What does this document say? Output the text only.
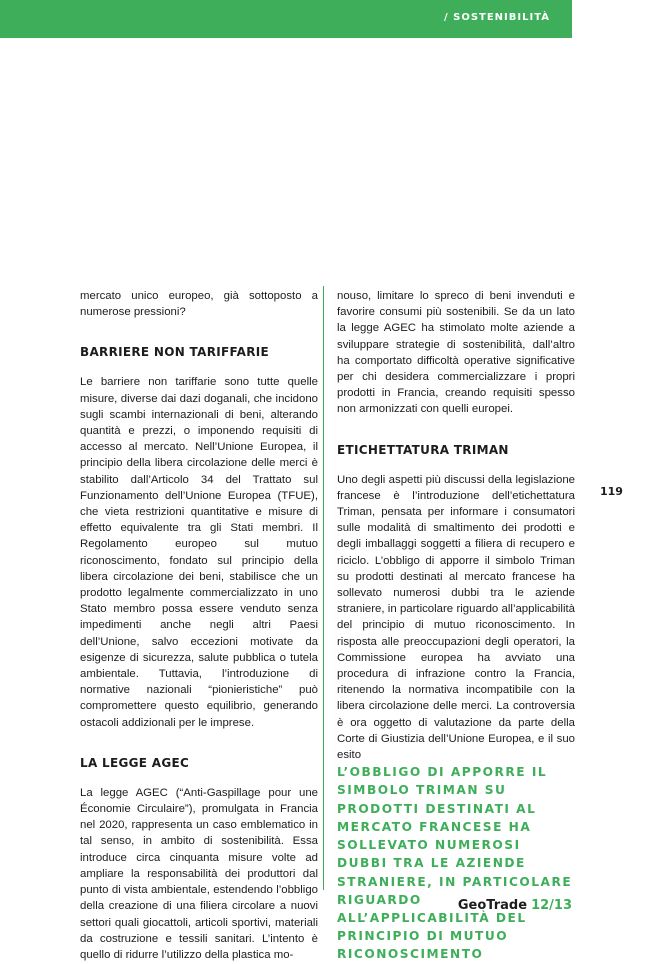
/ SOSTENIBILITÀ

mercato unico europeo, già sottoposto a numerose pressioni?

BARRIERE NON TARIFFARIE

Le barriere non tariffarie sono tutte quelle misure, diverse dai dazi doganali, che incidono sugli scambi internazionali di beni, alterando quantità e prezzi, o imponendo requisiti di accesso al mercato. Nell’Unione Europea, il principio della libera circolazione delle merci è stabilito dall’Articolo 34 del Trattato sul Funzionamento dell’Unione Europea (TFUE), che vieta restrizioni quantitative e misure di effetto equivalente tra gli Stati membri. Il Regolamento europeo sul mutuo riconoscimento, fondato sul principio della libera circolazione dei beni, stabilisce che un prodotto legalmente commercializzato in uno Stato membro possa essere venduto senza impedimenti anche negli altri Paesi dell’Unione, salvo eccezioni motivate da esigenze di sicurezza, salute pubblica o tutela ambientale. Tuttavia, l’introduzione di normative nazionali “pionieristiche” può compromettere questo equilibrio, generando ostacoli addizionali per le imprese.

LA LEGGE AGEC

La legge AGEC (“Anti-Gaspillage pour une Économie Circulaire”), promulgata in Francia nel 2020, rappresenta un caso emblematico in tal senso, in ambito di sostenibilità. Essa introduce circa cinquanta misure volte ad ampliare la responsabilità dei produttori dal punto di vista ambientale, estendendo l’obbligo della creazione di una filiera circolare a nuovi settori quali giocattoli, articoli sportivi, materiali da costruzione e tessili sanitari. L’intento è quello di ridurre l’utilizzo della plastica mo-

nouso, limitare lo spreco di beni invenduti e favorire consumi più sostenibili. Se da un lato la legge AGEC ha stimolato molte aziende a sviluppare strategie di sostenibilità, dall’altro ha comportato difficoltà operative significative per chi desidera commercializzare i propri prodotti in Francia, creando requisiti spesso non armonizzati con quelli europei.

ETICHETTATURA TRIMAN

Uno degli aspetti più discussi della legislazione francese è l’introduzione dell’etichettatura Triman, pensata per informare i consumatori sulle modalità di smaltimento dei prodotti e degli imballaggi soggetti a filiera di recupero e riciclo. L’obbligo di apporre il simbolo Triman su prodotti destinati al mercato francese ha sollevato numerosi dubbi tra le aziende straniere, in particolare riguardo all’applicabilità del principio di mutuo riconoscimento. In risposta alle preoccupazioni degli operatori, la Commissione europea ha avviato una procedura di infrazione contro la Francia, ritenendo la normativa incompatibile con la libera circolazione delle merci. La controversia è ora oggetto di valutazione da parte della Corte di Giustizia dell’Unione Europea, e il suo esito

L’OBBLIGO DI APPORRE IL SIMBOLO TRIMAN SU PRODOTTI DESTINATI AL MERCATO FRANCESE HA SOLLEVATO NUMEROSI DUBBI TRA LE AZIENDE STRANIERE, IN PARTICOLARE RIGUARDO ALL’APPLICABILITÀ DEL PRINCIPIO DI MUTUO RICONOSCIMENTO

119
GeoTrade 12/13
